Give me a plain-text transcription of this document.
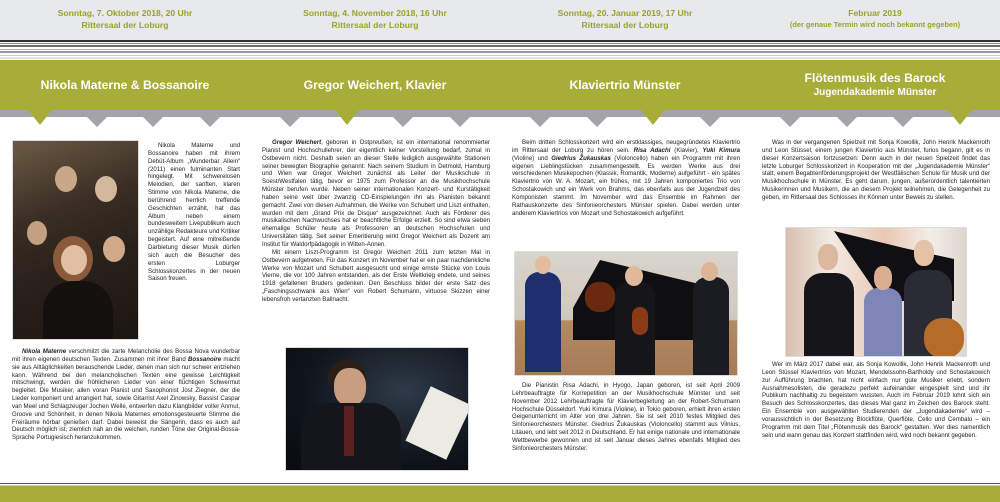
Sonntag, 7. Oktober 2018, 20 Uhr
Rittersaal der Loburg
Sonntag, 4. November 2018, 16 Uhr
Rittersaal der Loburg
Sonntag, 20. Januar 2019, 17 Uhr
Rittersaal der Loburg
Februar 2019
(der genaue Termin wird noch bekannt gegeben)
Nikola Materne & Bossanoire	Gregor Weichert, Klavier	Klaviertrio Münster	Flötenmusik des Barock
Jugendakademie Münster

Nikola Materne und Bossanoire haben mit ihrem Debüt-Album „Wunderbar Allein“ (2011) einen fulminanten Start hingelegt. Mit schwerelosen Melodien, der sanften, klaren Stimme von Nikola Materne, die berührend herrlich treffende Geschichten erzählt, hat das Album neben einem bundesweitem Livepublikum auch unzählige Redakteure und Kritiker begeistert. Auf eine mitreißende Darbietung dieser Musik dürfen sich auch die Besucher des ersten Loburger Schlosskonzertes in der neuen Saison freuen.

Nikola Materne verschmilzt die zarte Melancholie des Bossa Nova wunderbar mit ihren eigenen deutschen Texten. Zusammen mit ihrer Band Bossanoire macht sie aus Alltäglichkeiten berauschende Lieder, denen man sich nur schwer entziehen kann. Während bei den melancholischen Texten eine gewisse Leichtigkeit mitschwingt, werden die fröhlicheren Lieder von einer flüchtigen Schwermut begleitet. Die Musiker, allen voran Pianist und Saxophonist Jost Ziegner, der die Lieder komponiert und arrangiert hat, sowie Gitarrist Axel Zinowsky, Bassist Caspar van Meel und Schlagzeuger Jochen Welle, entwerfen dazu Klangbilder voller Anmut, Groove und Schönheit, in denen Nikola Maternes emotionsgesteuerte Stimme die Freiräume hörbar genießen darf. Dabei beweist die Sängerin, dass es auch auf Deutsch möglich ist, ziemlich nah an die weichen, runden Töne der Original-Bossa-Sprache Portugiesisch heranzukommen.

Gregor Weichert, geboren in Ostpreußen, ist ein international renommierter Pianist und Hochschullehrer, der eigentlich keiner Vorstellung bedarf, zumal in Ostbevern nicht. Deshalb seien an dieser Stelle lediglich ausgewählte Stationen seiner bewegten Biographie genannt: Nach seinem Studium in Detmold, Hamburg und Wien war Gregor Weichert zunächst als Leiter der Musikschule in Soest/Westfalen tätig, bevor er 1975 zum Professor an die Musikhochschule Münster berufen wurde. Neben seiner internationalen Konzert- und Kurstätigkeit haben seine weit über zwanzig CD-Einspielungen ihn als Pianisten bekannt gemacht. Zwei von diesen Aufnahmen, die Werke von Schubert und Liszt enthalten, wurden mit dem „Grand Prix de Disque“ ausgezeichnet. Auch als Förderer des musikalischen Nachwuchses hat er beachtliche Erfolge erzielt. So sind etwa sieben ehemalige Schüler heute als Professoren an deutschen Hochschulen und Universitäten tätig. Seit seiner Emeritierung wirkt Gregor Weichert als Dozent am Institut für Waldorfpädagogik in Witten-Annen.

Mit einem Liszt-Programm ist Gregor Weichert 2011 zum letzten Mal in Ostbevern aufgetreten. Für das Konzert im November hat er ein paar nachdenkliche Werke von Mozart und Schubert ausgesucht und einige ernste Stücke von Louis Vierne, die vor 100 Jahren entstanden, als der Erste Weltkrieg endete, und seines 1918 gefallenen Bruders gedenken. Den Beschluss bildet der erste Satz des „Faschingsschwank aus Wien“ von Robert Schumann, virtuose Skizzen einer lebensfroh vertanzten Ballnacht.

Beim dritten Schlosskonzert wird ein erstklassiges, neugegründetes Klaviertrio im Rittersaal der Loburg zu hören sein. Risa Adachi (Klavier), Yuki Kimura (Violine) und Giedrius Žukauskas (Violoncello) haben ein Programm mit ihren eigenen Lieblingstücken zusammengestellt. Es werden Werke aus drei verschiedenen Musikepochen (Klassik, Romantik, Moderne) aufgeführt - ein spätes Klaviertrio von W. A. Mozart, ein frühes, mit 19 Jahren komponiertes Trio von Schostakowich und ein Werk von Brahms, das ebenfalls aus der Jugendzeit des Komponisten stammt. Im November wird das Ensemble im Rahmen der Rathauskonzerte des Sinfonieorchesters Münster spielen. Dabei werden unter anderem Klaviertrios von Mozart und Schostakowich aufgeführt.

Die Pianistin Risa Adachi, in Hyogo, Japan geboren, ist seit April 2009 Lehrbeauftragte für Korrepetition an der Musikhochschule Münster und seit November 2012 Lehrbeauftragte für Klavierbegleitung an der Robert-Schumann Hochschule Düsseldorf. Yuki Kimura (Violine), in Tokio geboren, erhielt ihren ersten Geigenunterricht im Alter von drei Jahren. Sie ist seit 2010 festes Mitglied des Sinfonieorchesters Münster. Giedrius Žukauskas (Violoncello) stammt aus Vilnius, Litauen, und lebt seit 2012 in Deutschland. Er hat einige nationale und internationale Wettbewerbe gewonnen und ist seit Januar dieses Jahres ebenfalls Mitglied des Sinfonieorchesters Münster.

Was in der vergangenen Spielzeit mit Sonja Kowollik, John Henrik Mackenroth und Leon Stüssel, einem jungen Klaviertrio aus Münster, furios begann, gilt es in dieser Konzertsaison fortzusetzen: Denn auch in der neuen Spielzeit findet das letzte Loburger Schlosskonzert in Kooperation mit der „Jugendakademie Münster“ statt, einem Begabtenförderungsprojekt der Westfälischen Schule für Musik und der Musikhochschule in Münster. Es geht darum, jungen, außerordentlich talentierten Musikerinnen und Musikern, die an diesem Projekt teilnehmen, die Gelegenheit zu geben, im Rittersaal des Schlosses ihr Können unter Beweis zu stellen.

Wer im März 2017 dabei war, als Sonja Kowollik, John Henrik Mackenroth und Leon Stüssel Klaviertrios von Mozart, Mendelssohn-Bartholdy und Schostakowich zur Aufführung brachten, hat nicht einfach nur gute Musiker erlebt, sondern Ausnahmesolisten, die geradezu perfekt aufeinander eingespielt sind und ihr Publikum nachhaltig zu begeistern wussten. Auch im Februar 2019 lohnt sich ein Besuch des Schlosskonzertes, das dieses Mal ganz im Zeichen des Barock steht. Ein Ensemble von ausgewählten Studierenden der „Jugendakademie“ wird – voraussichtlich in der Besetzung Blockflöte, Querflöte, Cello und Cembalo – ein Programm mit dem Titel „Flötenmusik des Barock“ gestalten. Wer dies namentlich sein und wann genau das Konzert stattfinden wird, wird noch bekannt gegeben.
